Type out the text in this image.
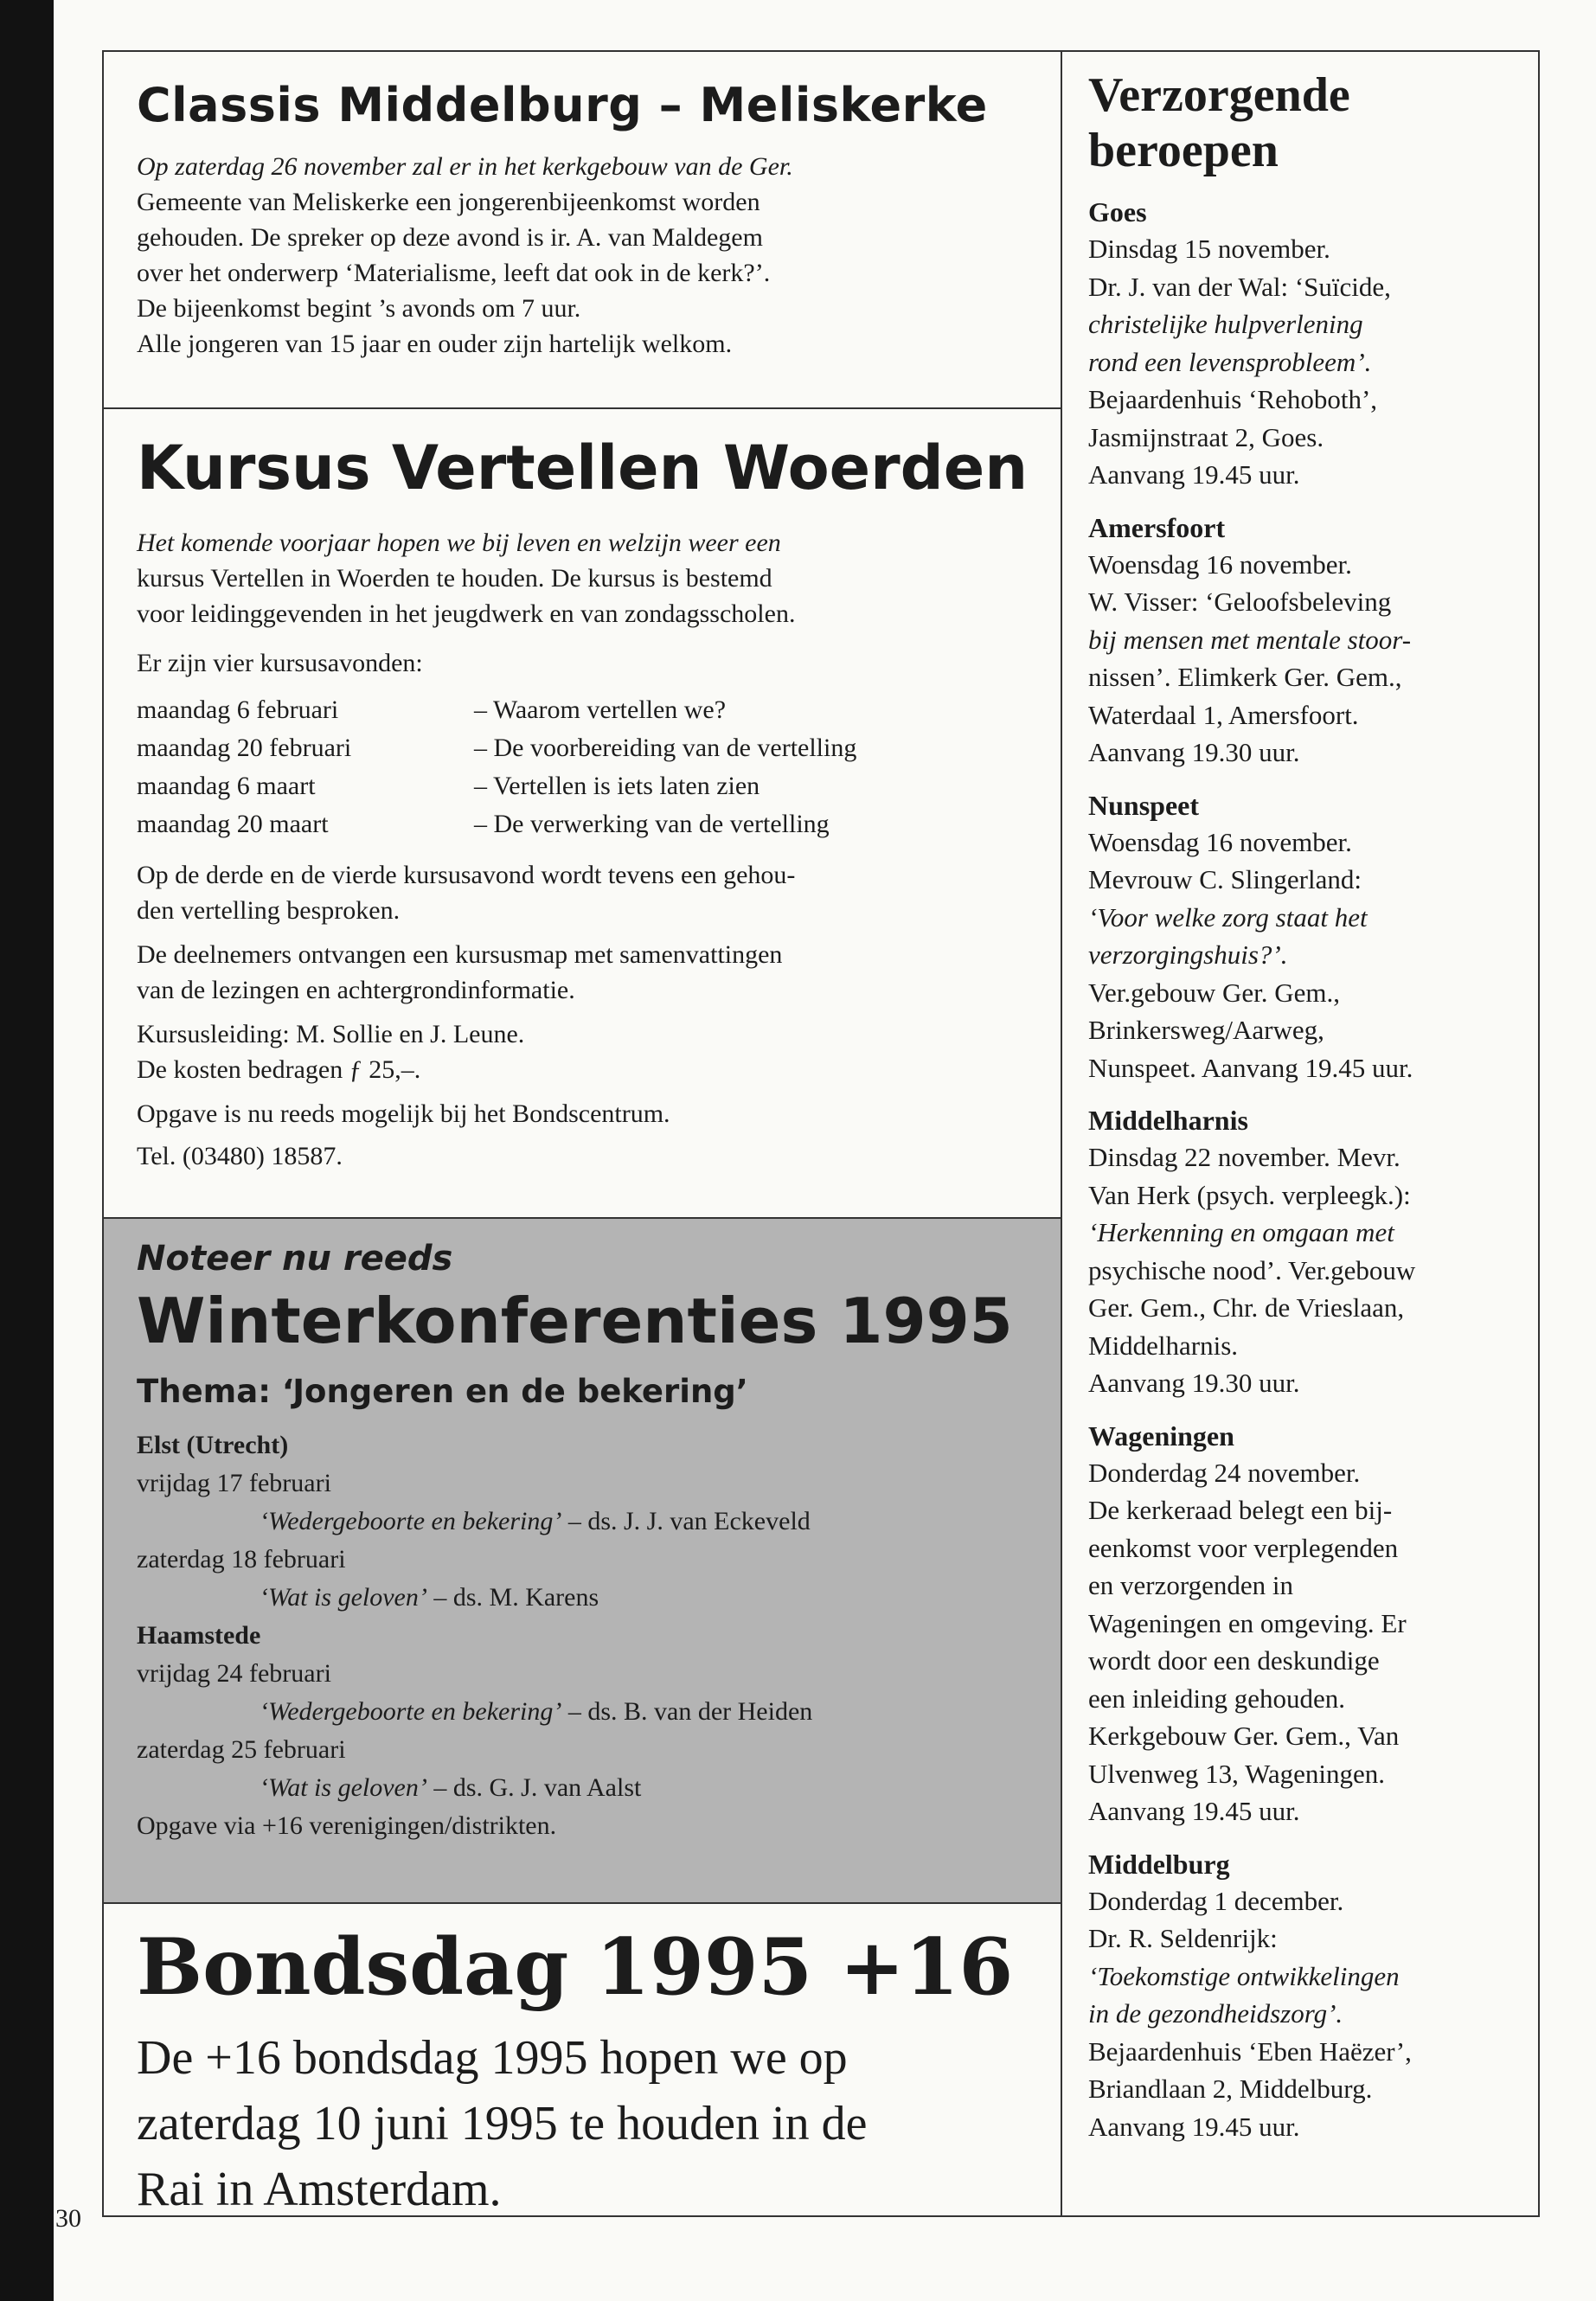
30
Classis Middelburg – Meliskerke

Op zaterdag 26 november zal er in het kerkgebouw van de Ger.

Gemeente van Meliskerke een jongerenbijeenkomst worden

gehouden. De spreker op deze avond is ir. A. van Maldegem

over het onderwerp ‘Materialisme, leeft dat ook in de kerk?’.

De bijeenkomst begint ’s avonds om 7 uur.

Alle jongeren van 15 jaar en ouder zijn hartelijk welkom.

Kursus Vertellen Woerden

Het komende voorjaar hopen we bij leven en welzijn weer een

kursus Vertellen in Woerden te houden. De kursus is bestemd

voor leidinggevenden in het jeugdwerk en van zondagsscholen.

Er zijn vier kursusavonden:

maandag 6 februari	– Waarom vertellen we?
maandag 20 februari	– De voorbereiding van de vertelling
maandag 6 maart	– Vertellen is iets laten zien
maandag 20 maart	– De verwerking van de vertelling

Op de derde en de vierde kursusavond wordt tevens een gehou-

den vertelling besproken.

De deelnemers ontvangen een kursusmap met samenvattingen

van de lezingen en achtergrondinformatie.

Kursusleiding: M. Sollie en J. Leune.

De kosten bedragen ƒ 25,–.

Opgave is nu reeds mogelijk bij het Bondscentrum.

Tel. (03480) 18587.

Noteer nu reeds
Winterkonferenties 1995
Thema: ‘Jongeren en de bekering’

Elst (Utrecht)

vrijdag 17 februari

‘Wedergeboorte en bekering’ – ds. J. J. van Eckeveld

zaterdag 18 februari

‘Wat is geloven’ – ds. M. Karens

Haamstede

vrijdag 24 februari

‘Wedergeboorte en bekering’ – ds. B. van der Heiden

zaterdag 25 februari

‘Wat is geloven’ – ds. G. J. van Aalst

Opgave via +16 verenigingen/distrikten.

Bondsdag 1995 +16

De +16 bondsdag 1995 hopen we op

zaterdag 10 juni 1995 te houden in de

Rai in Amsterdam.

Verzorgende
beroepen
Goes

Dinsdag 15 november.

Dr. J. van der Wal: ‘Suïcide,

christelijke hulpverlening

rond een levensprobleem’.

Bejaardenhuis ‘Rehoboth’,

Jasmijnstraat 2, Goes.

Aanvang 19.45 uur.

Amersfoort

Woensdag 16 november.

W. Visser: ‘Geloofsbeleving

bij mensen met mentale stoor-

nissen’. Elimkerk Ger. Gem.,

Waterdaal 1, Amersfoort.

Aanvang 19.30 uur.

Nunspeet

Woensdag 16 november.

Mevrouw C. Slingerland:

‘Voor welke zorg staat het

verzorgingshuis?’.

Ver.gebouw Ger. Gem.,

Brinkersweg/Aarweg,

Nunspeet. Aanvang 19.45 uur.

Middelharnis

Dinsdag 22 november. Mevr.

Van Herk (psych. verpleegk.):

‘Herkenning en omgaan met

psychische nood’. Ver.gebouw

Ger. Gem., Chr. de Vrieslaan,

Middelharnis.

Aanvang 19.30 uur.

Wageningen

Donderdag 24 november.

De kerkeraad belegt een bij-

eenkomst voor verplegenden

en verzorgenden in

Wageningen en omgeving. Er

wordt door een deskundige

een inleiding gehouden.

Kerkgebouw Ger. Gem., Van

Ulvenweg 13, Wageningen.

Aanvang 19.45 uur.

Middelburg

Donderdag 1 december.

Dr. R. Seldenrijk:

‘Toekomstige ontwikkelingen

in de gezondheidszorg’.

Bejaardenhuis ‘Eben Haëzer’,

Briandlaan 2, Middelburg.

Aanvang 19.45 uur.
